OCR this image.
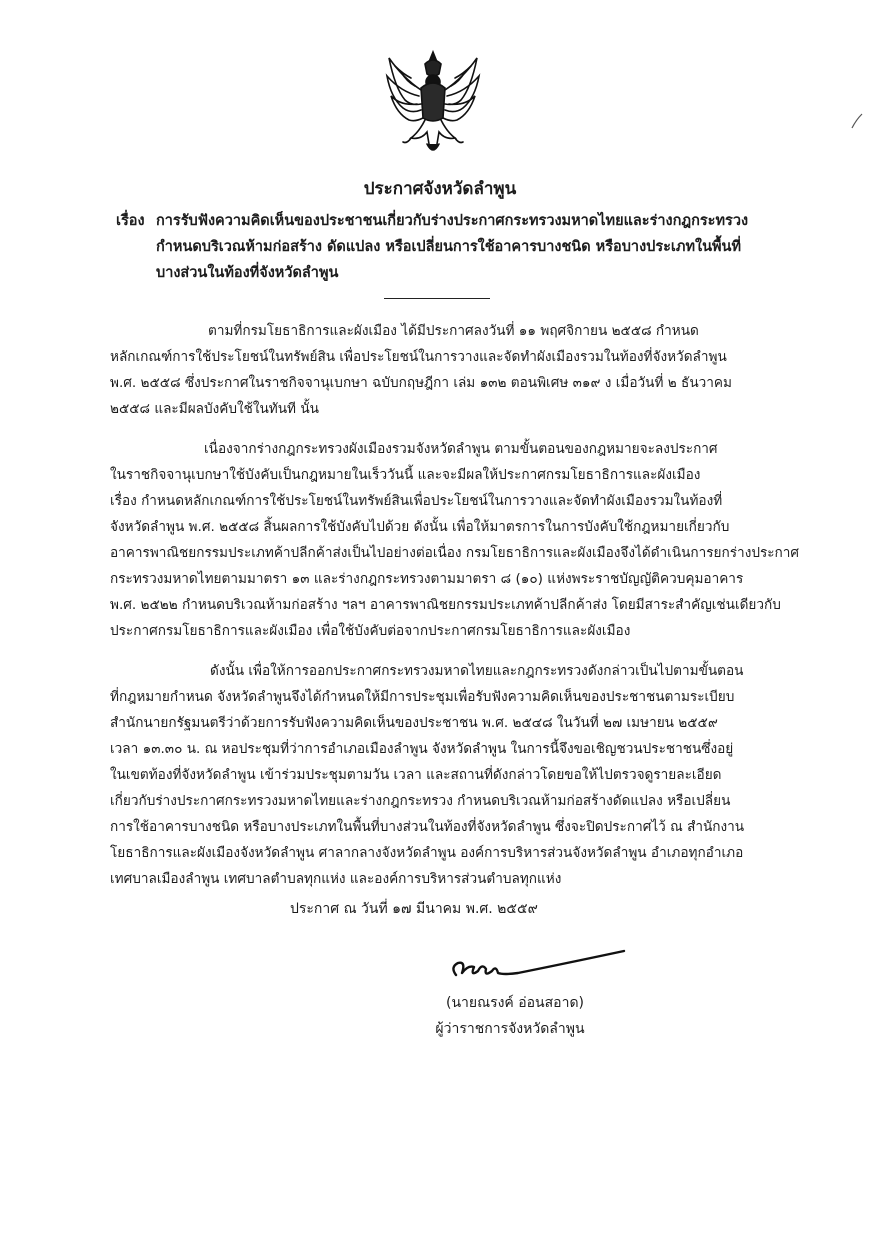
ประกาศจังหวัดลำพูน
เรื่อง การรับฟังความคิดเห็นของประชาชนเกี่ยวกับร่างประกาศกระทรวงมหาดไทยและร่างกฎกระทรวง
กำหนดบริเวณห้ามก่อสร้าง ดัดแปลง หรือเปลี่ยนการใช้อาคารบางชนิด หรือบางประเภทในพื้นที่
บางส่วนในท้องที่จังหวัดลำพูน
ตามที่กรมโยธาธิการและผังเมือง ได้มีประกาศลงวันที่ ๑๑ พฤศจิกายน ๒๕๕๘ กำหนด
หลักเกณฑ์การใช้ประโยชน์ในทรัพย์สิน เพื่อประโยชน์ในการวางและจัดทำผังเมืองรวมในท้องที่จังหวัดลำพูน
พ.ศ. ๒๕๕๘ ซึ่งประกาศในราชกิจจานุเบกษา ฉบับกฤษฎีกา เล่ม ๑๓๒ ตอนพิเศษ ๓๑๙ ง เมื่อวันที่ ๒ ธันวาคม
๒๕๕๘ และมีผลบังคับใช้ในทันที นั้น
เนื่องจากร่างกฎกระทรวงผังเมืองรวมจังหวัดลำพูน ตามขั้นตอนของกฎหมายจะลงประกาศ
ในราชกิจจานุเบกษาใช้บังคับเป็นกฎหมายในเร็ววันนี้ และจะมีผลให้ประกาศกรมโยธาธิการและผังเมือง
เรื่อง กำหนดหลักเกณฑ์การใช้ประโยชน์ในทรัพย์สินเพื่อประโยชน์ในการวางและจัดทำผังเมืองรวมในท้องที่
จังหวัดลำพูน พ.ศ. ๒๕๕๘ สิ้นผลการใช้บังคับไปด้วย ดังนั้น เพื่อให้มาตรการในการบังคับใช้กฎหมายเกี่ยวกับ
อาคารพาณิชยกรรมประเภทค้าปลีกค้าส่งเป็นไปอย่างต่อเนื่อง กรมโยธาธิการและผังเมืองจึงได้ดำเนินการยกร่างประกาศ
กระทรวงมหาดไทยตามมาตรา ๑๓ และร่างกฎกระทรวงตามมาตรา ๘ (๑๐) แห่งพระราชบัญญัติควบคุมอาคาร
พ.ศ. ๒๕๒๒ กำหนดบริเวณห้ามก่อสร้าง ฯลฯ อาคารพาณิชยกรรมประเภทค้าปลีกค้าส่ง โดยมีสาระสำคัญเช่นเดียวกับ
ประกาศกรมโยธาธิการและผังเมือง เพื่อใช้บังคับต่อจากประกาศกรมโยธาธิการและผังเมือง
ดังนั้น เพื่อให้การออกประกาศกระทรวงมหาดไทยและกฎกระทรวงดังกล่าวเป็นไปตามขั้นตอน
ที่กฎหมายกำหนด จังหวัดลำพูนจึงได้กำหนดให้มีการประชุมเพื่อรับฟังความคิดเห็นของประชาชนตามระเบียบ
สำนักนายกรัฐมนตรีว่าด้วยการรับฟังความคิดเห็นของประชาชน พ.ศ. ๒๕๔๘ ในวันที่ ๒๗ เมษายน ๒๕๕๙
เวลา ๑๓.๓๐ น. ณ หอประชุมที่ว่าการอำเภอเมืองลำพูน จังหวัดลำพูน ในการนี้จึงขอเชิญชวนประชาชนซึ่งอยู่
ในเขตท้องที่จังหวัดลำพูน เข้าร่วมประชุมตามวัน เวลา และสถานที่ดังกล่าวโดยขอให้ไปตรวจดูรายละเอียด
เกี่ยวกับร่างประกาศกระทรวงมหาดไทยและร่างกฎกระทรวง กำหนดบริเวณห้ามก่อสร้างดัดแปลง หรือเปลี่ยน
การใช้อาคารบางชนิด หรือบางประเภทในพื้นที่บางส่วนในท้องที่จังหวัดลำพูน ซึ่งจะปิดประกาศไว้ ณ สำนักงาน
โยธาธิการและผังเมืองจังหวัดลำพูน ศาลากลางจังหวัดลำพูน องค์การบริหารส่วนจังหวัดลำพูน อำเภอทุกอำเภอ
เทศบาลเมืองลำพูน เทศบาลตำบลทุกแห่ง และองค์การบริหารส่วนตำบลทุกแห่ง
ประกาศ ณ วันที่ ๑๗ มีนาคม พ.ศ. ๒๕๕๙
(นายณรงค์ อ่อนสอาด)
ผู้ว่าราชการจังหวัดลำพูน
